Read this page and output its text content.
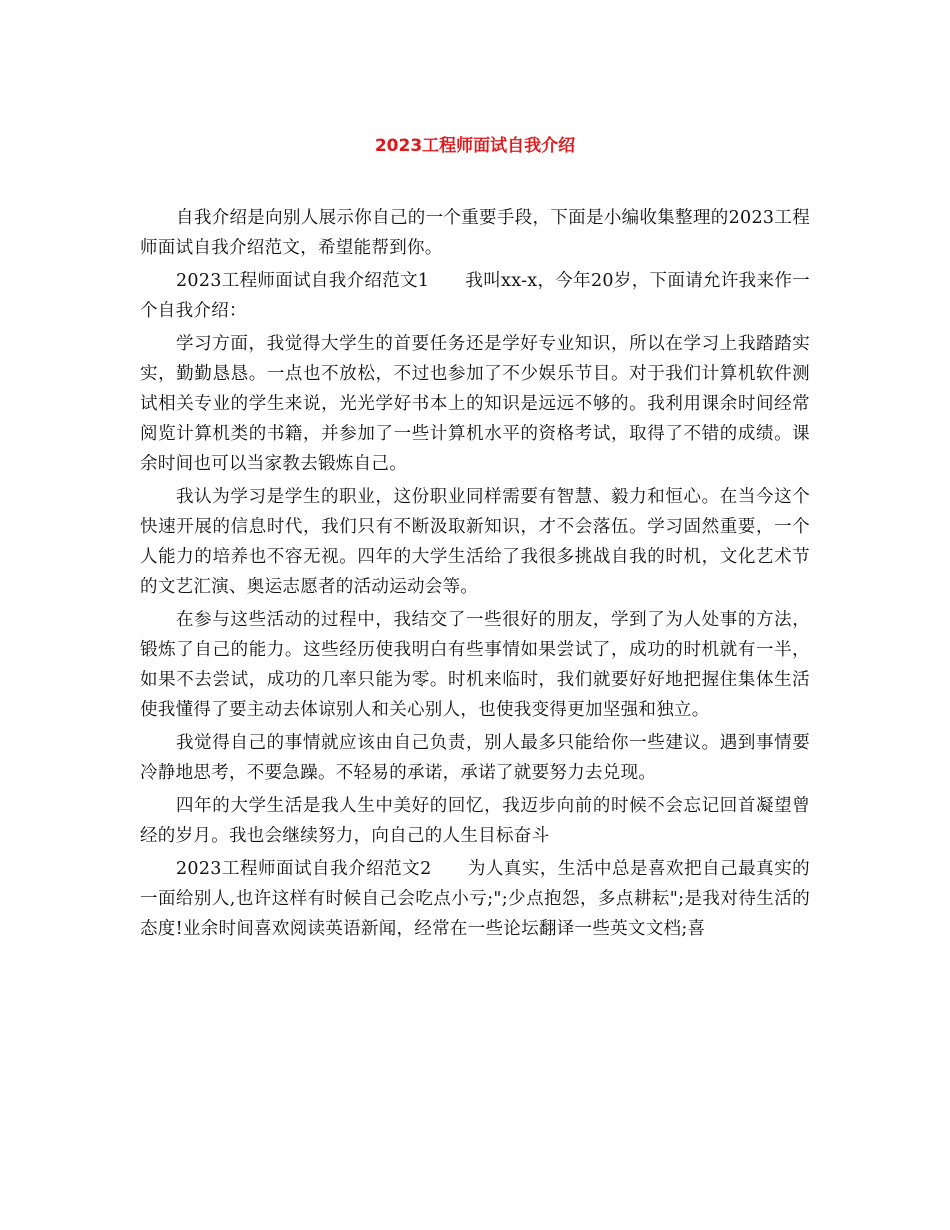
2023工程师面试自我介绍

自我介绍是向别人展示你自己的一个重要手段，下面是小编收集整理的2023工程师面试自我介绍范文，希望能帮到你。

2023工程师面试自我介绍范文1 我叫xx-x，今年20岁，下面请允许我来作一个自我介绍：

学习方面，我觉得大学生的首要任务还是学好专业知识，所以在学习上我踏踏实实，勤勤恳恳。一点也不放松，不过也参加了不少娱乐节目。对于我们计算机软件测试相关专业的学生来说，光光学好书本上的知识是远远不够的。我利用课余时间经常阅览计算机类的书籍，并参加了一些计算机水平的资格考试，取得了不错的成绩。课余时间也可以当家教去锻炼自己。

我认为学习是学生的职业，这份职业同样需要有智慧、毅力和恒心。在当今这个快速开展的信息时代，我们只有不断汲取新知识，才不会落伍。学习固然重要，一个人能力的培养也不容无视。四年的大学生活给了我很多挑战自我的时机，文化艺术节的文艺汇演、奥运志愿者的活动运动会等。

在参与这些活动的过程中，我结交了一些很好的朋友，学到了为人处事的方法，锻炼了自己的能力。这些经历使我明白有些事情如果尝试了，成功的时机就有一半，如果不去尝试，成功的几率只能为零。时机来临时，我们就要好好地把握住集体生活使我懂得了要主动去体谅别人和关心别人，也使我变得更加坚强和独立。

我觉得自己的事情就应该由自己负责，别人最多只能给你一些建议。遇到事情要冷静地思考，不要急躁。不轻易的承诺，承诺了就要努力去兑现。

四年的大学生活是我人生中美好的回忆，我迈步向前的时候不会忘记回首凝望曾经的岁月。我也会继续努力，向自己的人生目标奋斗

2023工程师面试自我介绍范文2 为人真实，生活中总是喜欢把自己最真实的一面给别人,也许这样有时候自己会吃点小亏;";少点抱怨，多点耕耘";是我对待生活的态度!业余时间喜欢阅读英语新闻，经常在一些论坛翻译一些英文文档;喜
